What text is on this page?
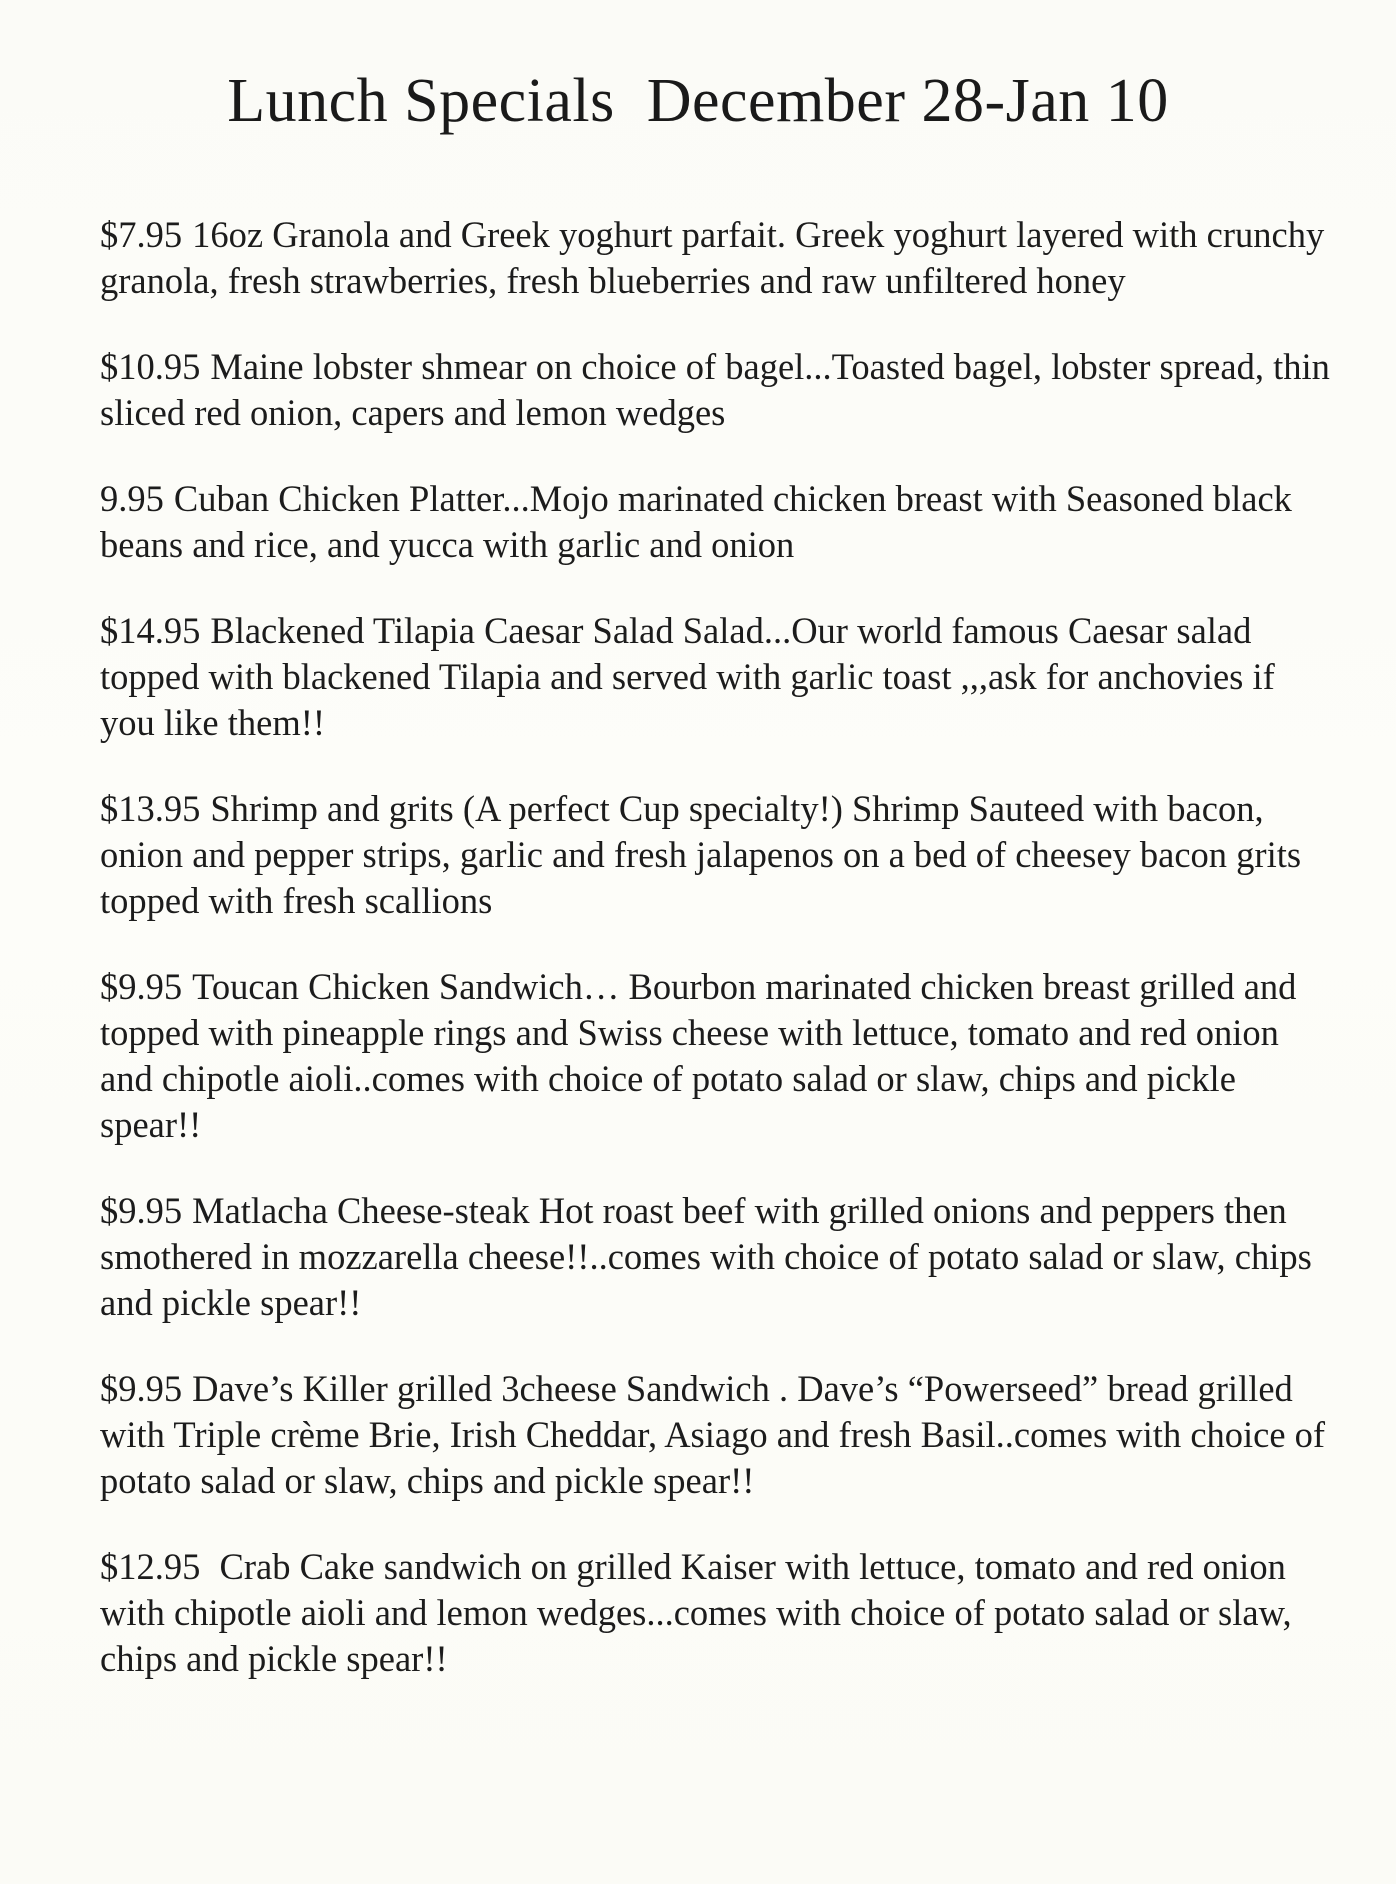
Lunch Specials  December 28-Jan 10

$7.95 16oz Granola and Greek yoghurt parfait. Greek yoghurt layered with crunchy granola, fresh strawberries, fresh blueberries and raw unfiltered honey

$10.95 Maine lobster shmear on choice of bagel...Toasted bagel, lobster spread, thin sliced red onion, capers and lemon wedges

9.95 Cuban Chicken Platter...Mojo marinated chicken breast with Seasoned black beans and rice, and yucca with garlic and onion

$14.95 Blackened Tilapia Caesar Salad Salad...Our world famous Caesar salad topped with blackened Tilapia and served with garlic toast ,,,ask for anchovies if you like them!!

$13.95 Shrimp and grits (A perfect Cup specialty!) Shrimp Sauteed with bacon, onion and pepper strips, garlic and fresh jalapenos on a bed of cheesey bacon grits topped with fresh scallions

$9.95 Toucan Chicken Sandwich… Bourbon marinated chicken breast grilled and topped with pineapple rings and Swiss cheese with lettuce, tomato and red onion and chipotle aioli..comes with choice of potato salad or slaw, chips and pickle spear!!

$9.95 Matlacha Cheese-steak Hot roast beef with grilled onions and peppers then smothered in mozzarella cheese!!..comes with choice of potato salad or slaw, chips and pickle spear!!

$9.95 Dave’s Killer grilled 3cheese Sandwich . Dave’s “Powerseed” bread grilled with Triple crème Brie, Irish Cheddar, Asiago and fresh Basil..comes with choice of potato salad or slaw, chips and pickle spear!!

$12.95 Crab Cake sandwich on grilled Kaiser with lettuce, tomato and red onion with chipotle aioli and lemon wedges...comes with choice of potato salad or slaw, chips and pickle spear!!
